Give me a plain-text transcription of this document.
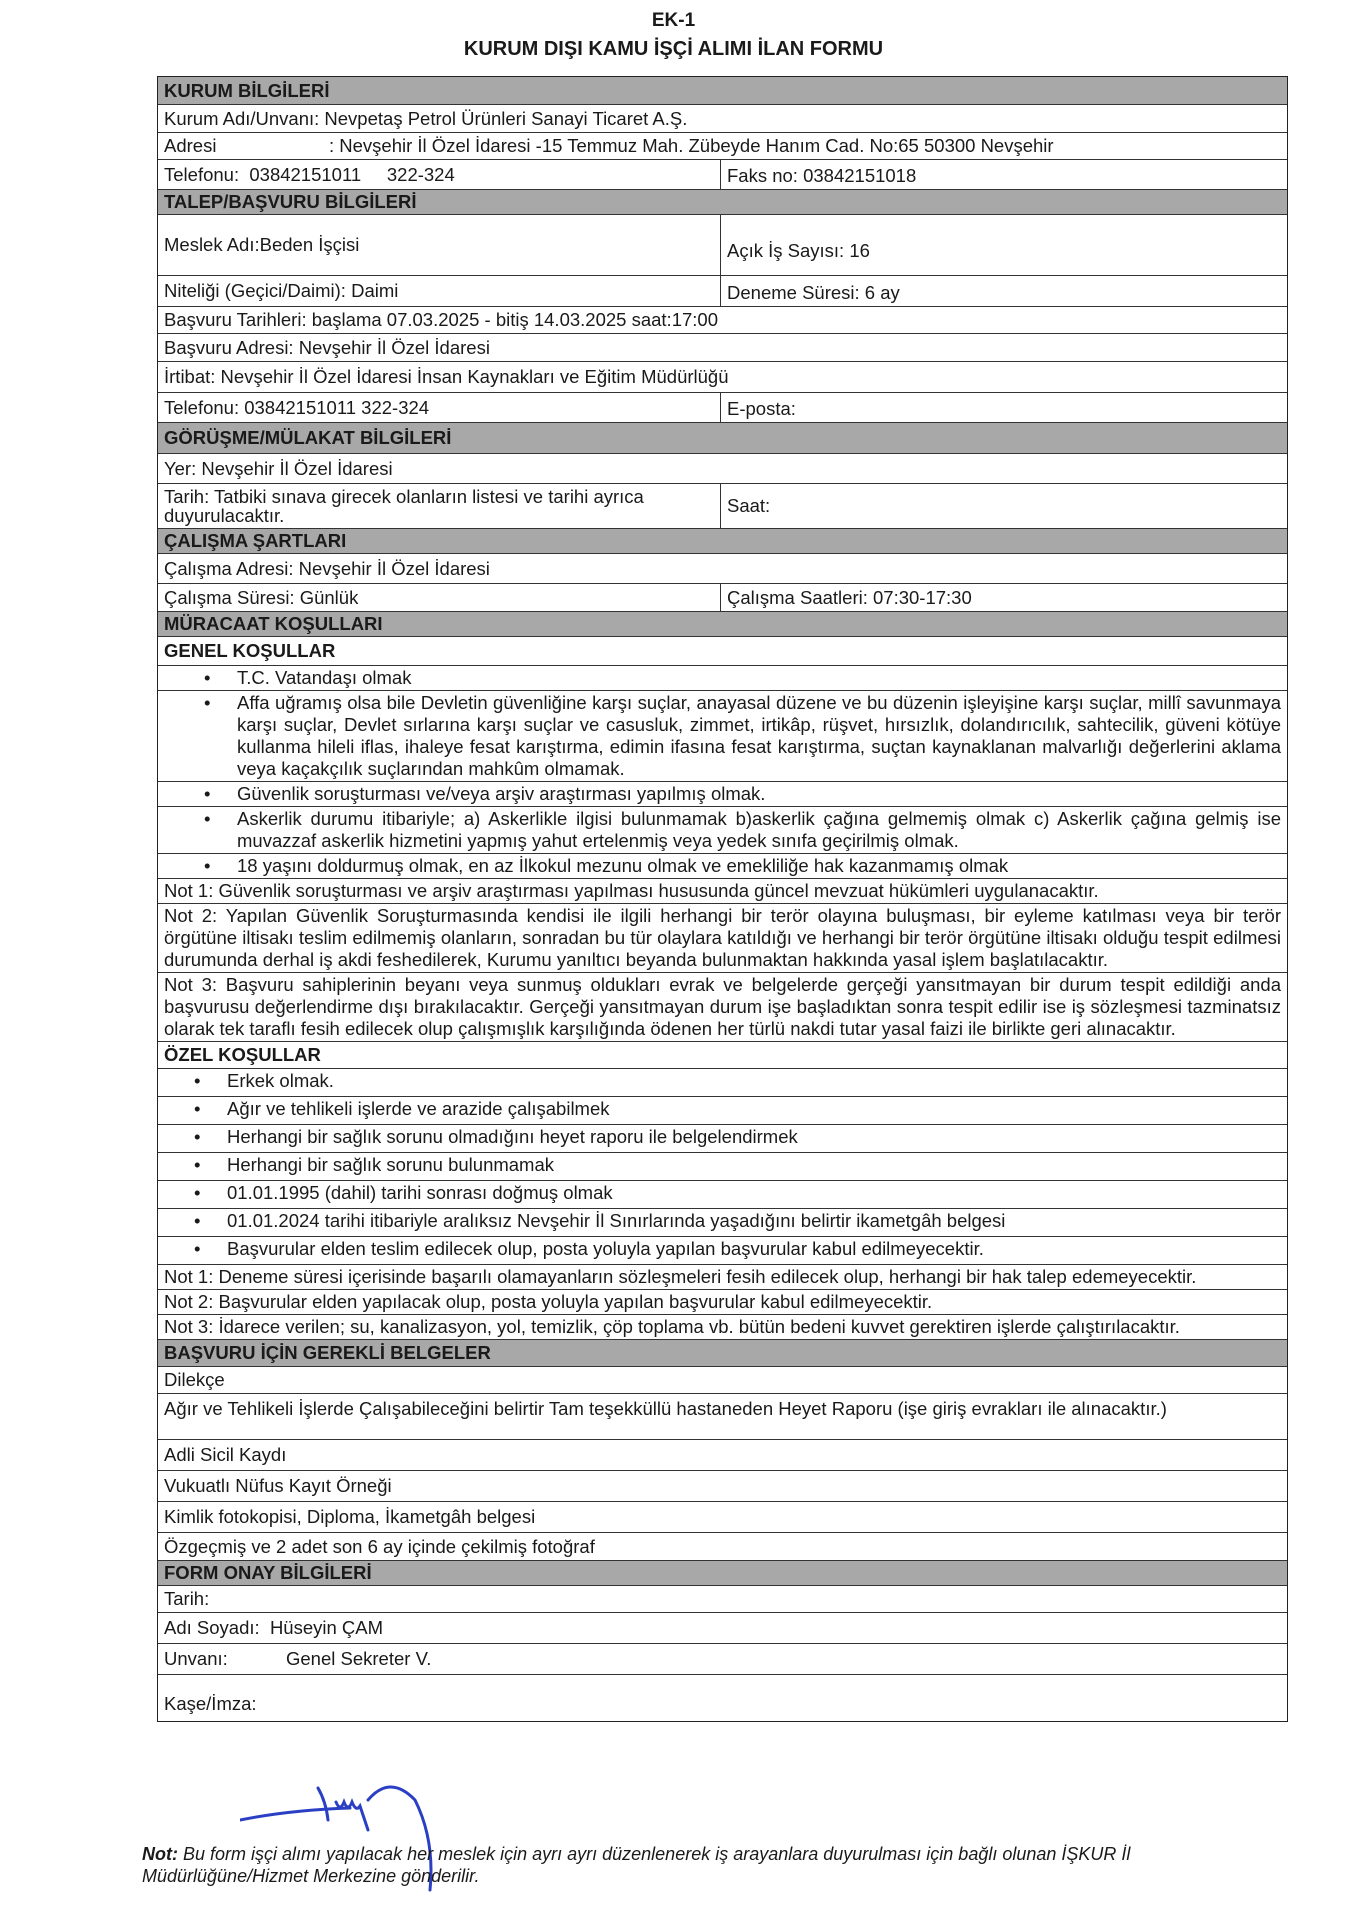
EK-1
KURUM DIŞI KAMU İŞÇİ ALIMI İLAN FORMU
KURUM BİLGİLERİ
Kurum Adı/Unvanı: Nevpetaş Petrol Ürünleri Sanayi Ticaret A.Ş.
Adresi	: Nevşehir İl Özel İdaresi -15 Temmuz Mah. Zübeyde Hanım Cad. No:65 50300 Nevşehir
Telefonu:  03842151011     322-324	Faks no: 03842151018
TALEP/BAŞVURU BİLGİLERİ
Meslek Adı:Beden İşçisi	Açık İş Sayısı: 16
Niteliği (Geçici/Daimi): Daimi	Deneme Süresi: 6 ay
Başvuru Tarihleri: başlama 07.03.2025 - bitiş 14.03.2025 saat:17:00
Başvuru Adresi: Nevşehir İl Özel İdaresi
İrtibat: Nevşehir İl Özel İdaresi İnsan Kaynakları ve Eğitim Müdürlüğü
Telefonu: 03842151011 322-324	E-posta:
GÖRÜŞME/MÜLAKAT BİLGİLERİ
Yer: Nevşehir İl Özel İdaresi
Tarih: Tatbiki sınava girecek olanların listesi ve tarihi ayrıca duyurulacaktır.	Saat:
ÇALIŞMA ŞARTLARI
Çalışma Adresi: Nevşehir İl Özel İdaresi
Çalışma Süresi: Günlük	Çalışma Saatleri: 07:30-17:30
MÜRACAAT KOŞULLARI
GENEL KOŞULLAR
•	T.C. Vatandaşı olmak
•	Affa uğramış olsa bile Devletin güvenliğine karşı suçlar, anayasal düzene ve bu düzenin işleyişine karşı suçlar, millî savunmaya karşı suçlar, Devlet sırlarına karşı suçlar ve casusluk, zimmet, irtikâp, rüşvet, hırsızlık, dolandırıcılık, sahtecilik, güveni kötüye kullanma hileli iflas, ihaleye fesat karıştırma, edimin ifasına fesat karıştırma, suçtan kaynaklanan malvarlığı değerlerini aklama veya kaçakçılık suçlarından mahkûm olmamak.
•	Güvenlik soruşturması ve/veya arşiv araştırması yapılmış olmak.
•	Askerlik durumu itibariyle; a) Askerlikle ilgisi bulunmamak b)askerlik çağına gelmemiş olmak c) Askerlik çağına gelmiş ise muvazzaf askerlik hizmetini yapmış yahut ertelenmiş veya yedek sınıfa geçirilmiş olmak.
•	18 yaşını doldurmuş olmak, en az İlkokul mezunu olmak ve emekliliğe hak kazanmamış olmak
Not 1: Güvenlik soruşturması ve arşiv araştırması yapılması hususunda güncel mevzuat hükümleri uygulanacaktır.
Not 2: Yapılan Güvenlik Soruşturmasında kendisi ile ilgili herhangi bir terör olayına buluşması, bir eyleme katılması veya bir terör örgütüne iltisakı teslim edilmemiş olanların, sonradan bu tür olaylara katıldığı ve herhangi bir terör örgütüne iltisakı olduğu tespit edilmesi durumunda derhal iş akdi feshedilerek, Kurumu yanıltıcı beyanda bulunmaktan hakkında yasal işlem başlatılacaktır.
Not 3: Başvuru sahiplerinin beyanı veya sunmuş oldukları evrak ve belgelerde gerçeği yansıtmayan bir durum tespit edildiği anda başvurusu değerlendirme dışı bırakılacaktır. Gerçeği yansıtmayan durum işe başladıktan sonra tespit edilir ise iş sözleşmesi tazminatsız olarak tek taraflı fesih edilecek olup çalışmışlık karşılığında ödenen her türlü nakdi tutar yasal faizi ile birlikte geri alınacaktır.
ÖZEL KOŞULLAR
•	Erkek olmak.
•	Ağır ve tehlikeli işlerde ve arazide çalışabilmek
•	Herhangi bir sağlık sorunu olmadığını heyet raporu ile belgelendirmek
•	Herhangi bir sağlık sorunu bulunmamak
•	01.01.1995 (dahil) tarihi sonrası doğmuş olmak
•	01.01.2024 tarihi itibariyle aralıksız Nevşehir İl Sınırlarında yaşadığını belirtir ikametgâh belgesi
•	Başvurular elden teslim edilecek olup, posta yoluyla yapılan başvurular kabul edilmeyecektir.
Not 1: Deneme süresi içerisinde başarılı olamayanların sözleşmeleri fesih edilecek olup, herhangi bir hak talep edemeyecektir.
Not 2: Başvurular elden yapılacak olup, posta yoluyla yapılan başvurular kabul edilmeyecektir.
Not 3: İdarece verilen; su, kanalizasyon, yol, temizlik, çöp toplama vb. bütün bedeni kuvvet gerektiren işlerde çalıştırılacaktır.
BAŞVURU İÇİN GEREKLİ BELGELER
Dilekçe
Ağır ve Tehlikeli İşlerde Çalışabileceğini belirtir Tam teşekküllü hastaneden Heyet Raporu (işe giriş evrakları ile alınacaktır.)
Adli Sicil Kaydı
Vukuatlı Nüfus Kayıt Örneği
Kimlik fotokopisi, Diploma, İkametgâh belgesi
Özgeçmiş ve 2 adet son 6 ay içinde çekilmiş fotoğraf
FORM ONAY BİLGİLERİ
Tarih:
Adı Soyadı:
Hüseyin ÇAM
Unvanı:	Genel Sekreter V.
Kaşe/İmza:
Not: Bu form işçi alımı yapılacak her meslek için ayrı ayrı düzenlenerek iş arayanlara duyurulması için bağlı olunan İŞKUR İl Müdürlüğüne/Hizmet Merkezine gönderilir.
